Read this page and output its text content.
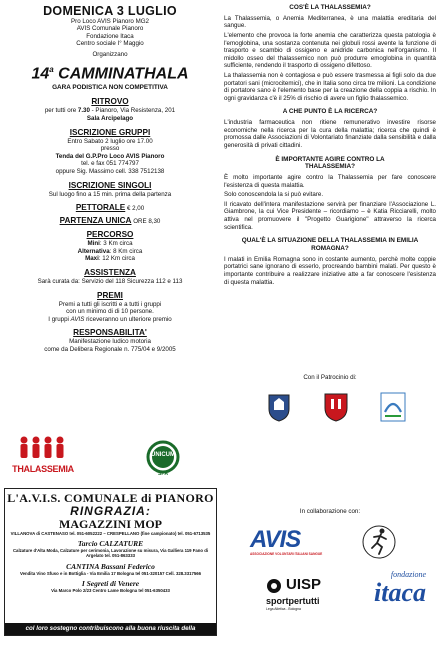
DOMENICA 3 LUGLIO
Pro Loco AVIS Pianoro MG2
AVIS Comunale Pianoro
Fondazione Itaca
Centro sociale I° Maggio
Organizzano
14$^a$ CAMMINATHALA
GARA PODISTICA NON COMPETITIVA
RITROVO
per tutti ore 7.30 - Pianoro, Via Resistenza, 201
Sala Arcipelago
ISCRIZIONE GRUPPI
Entro Sabato 2 luglio ore 17.00
presso
Tenda del G.P.Pro Loco AVIS Pianoro
tel. e fax 051 774797
oppure Sig. Massimo cell. 338 7512138
ISCRIZIONE SINGOLI
Sul luogo fino a 15 min. prima della partenza
PETTORALE € 2,00
PARTENZA UNICA ORE 8,30
PERCORSO
Mini: 3 Km circa
Alternativa: 8 Km circa
Maxi: 12 Km circa
ASSISTENZA
Sarà curata da: Servizio del 118 Sicurezza 112 e 113
PREMI
Premi a tutti gli iscritti e a tutti i gruppi
con un minimo di di 10 persone.
I gruppi AVIS riceveranno un ulteriore premio
RESPONSABILITA'
Manifestazione ludico motoria
come da Delibera Regionale n. 775/04 e 9/2005
THALASSEMIA
UNICUM
SPA
L'A.V.I.S. COMUNALE di PIANORO
RINGRAZIA:
MAGAZZINI MOP
VILLANOVA di CASTENASO tel. 051-6052222 – CRESPELLANO (fine campionato) tel. 051-6713535
Tarcio CALZATURE
Calzature d'Alta Moda, Calzature per cerimonia, Lavorazione su misura, Via Galliera 119 Fano di Argelato tel. 051-863333
CANTINA Bassani Federico
Vendita Vino Sfuso e in Bottiglia - Via Emilia 17 Bologna tel 051-320157 Cell. 328.3317566
I Segreti di Venere
Via Marco Polo 2/23 Centro Lame Bologna tel 051-6350433
col loro sostegno contribuiscono alla buona riuscita della manifestazione
COS'È LA THALASSEMIA?

La Thalassemia, o Anemia Mediterranea, è una malattia ereditaria del sangue.

L'elemento che provoca la forte anemia che caratterizza questa patologia è l'emoglobina, una sostanza contenuta nei globuli rossi avente la funzione di trasporto e scambio di ossigeno e anidride carbonica nell'organismo. Il midollo osseo del thalassemico non può produrre emoglobina in quantità sufficiente, rendendo il trasporto di ossigeno difettoso.

La thalassemia non è contagiosa e può essere trasmessa ai figli solo da due portatori sani (microcitemici), che in Italia sono circa tre milioni. La condizione di portatore sano è l'elemento base per la creazione della coppia a rischio. In ogni gravidanza c'è il 25% di rischio di avere un figlio thalassemico.

A CHE PUNTO È LA RICERCA?

L'industria farmaceutica non ritiene remunerativo investire risorse economiche nella ricerca per la cura della malattia; ricerca che quindi è promossa dalle Associazioni di Volontariato finanziate dalla sensibilità e dalla generosità di privati cittadini.

È IMPORTANTE AGIRE CONTRO LA THALASSEMIA?

È molto importante agire contro la Thalassemia per fare conoscere l'esistenza di questa malattia.

Solo conoscendola la si può evitare.

Il ricavato dell'intera manifestazione servirà per finanziare l'Associazione L. Giambrone, la cui Vice Presidente – ricordiamo – è Katia Ricciarelli, molto attiva nel promuovere il "Progetto Guarigione" attraverso la ricerca scientifica.

QUAL'È LA SITUAZIONE DELLA THALASSEMIA IN EMILIA ROMAGNA?

I malati in Emilia Romagna sono in costante aumento, perchè molte coppie portatrici sane ignorano di esserlo, procreando bambini malati. Per questo è importante contribuire a realizzare iniziative atte a far conoscere l'esistenza di questa malattia.

Con il Patrocinio di:
In collaborazione con:
AVIS
ASSOCIAZIONE VOLONTARI ITALIANI SANGUE
UISP
sportpertutti
Lega Atletica - Bologna
fondazione
itaca
